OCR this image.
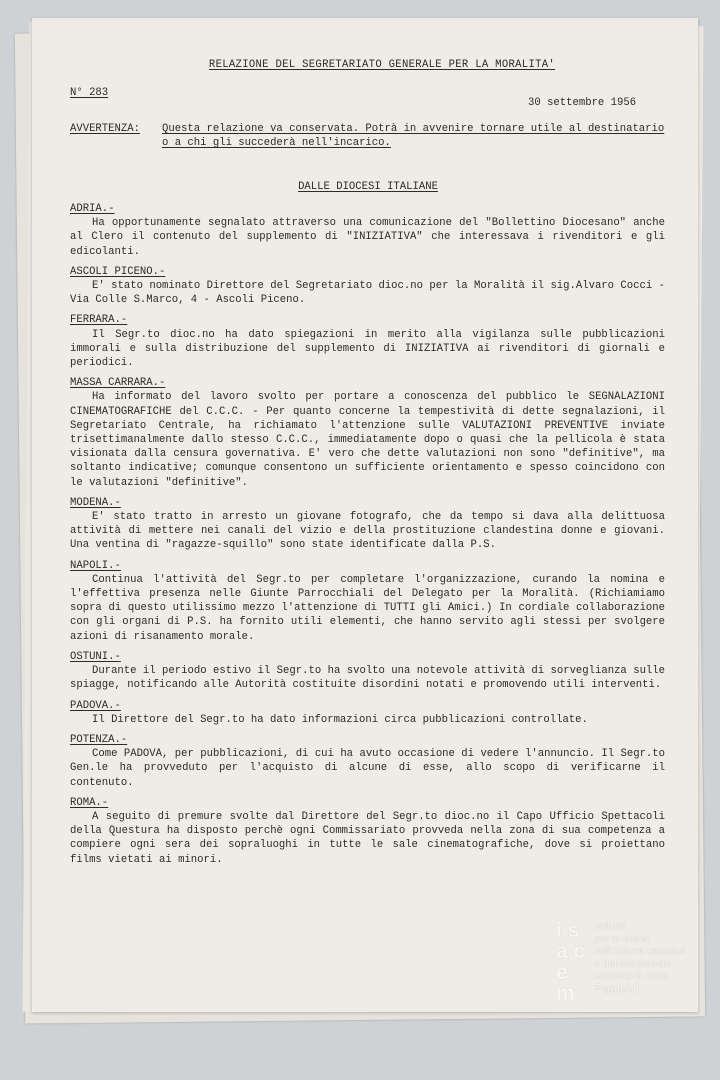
RELAZIONE DEL SEGRETARIATO GENERALE PER LA MORALITA'
N° 283
30 settembre 1956
AVVERTENZA: Questa relazione va conservata. Potrà in avvenire tornare utile al destinatario o a chi gli succederà nell'incarico.
DALLE DIOCESI ITALIANE
ADRIA.-
Ha opportunamente segnalato attraverso una comunicazione del "Bollettino Diocesano" anche al Clero il contenuto del supplemento di "INIZIATIVA" che interessava i rivenditori e gli edicolanti.
ASCOLI PICENO.-
E' stato nominato Direttore del Segretariato dioc.no per la Moralità il sig.Alvaro Cocci - Via Colle S.Marco, 4 - Ascoli Piceno.
FERRARA.-
Il Segr.to dioc.no ha dato spiegazioni in merito alla vigilanza sulle pubblicazioni immorali e sulla distribuzione del supplemento di INIZIATIVA ai rivenditori di giornali e periodici.
MASSA CARRARA.-
Ha informato del lavoro svolto per portare a conoscenza del pubblico le SEGNALAZIONI CINEMATOGRAFICHE del C.C.C. - Per quanto concerne la tempestività di dette segnalazioni, il Segretariato Centrale, ha richiamato l'attenzione sulle VALUTAZIONI PREVENTIVE inviate trisettimanalmente dallo stesso C.C.C., immediatamente dopo o quasi che la pellicola è stata visionata dalla censura governativa. E' vero che dette valutazioni non sono "definitive", ma soltanto indicative; comunque consentono un sufficiente orientamento e spesso coincidono con le valutazioni "definitive".
MODENA.-
E' stato tratto in arresto un giovane fotografo, che da tempo si dava alla delittuosa attività di mettere nei canali del vizio e della prostituzione clandestina donne e giovani. Una ventina di "ragazze-squillo" sono state identificate dalla P.S.
NAPOLI.-
Continua l'attività del Segr.to per completare l'organizzazione, curando la nomina e l'effettiva presenza nelle Giunte Parrocchiali del Delegato per la Moralità. (Richiamiamo sopra di questo utilissimo mezzo l'attenzione di TUTTI gli Amici.) In cordiale collaborazione con gli organi di P.S. ha fornito utili elementi, che hanno servito agli stessi per svolgere azioni di risanamento morale.
OSTUNI.-
Durante il periodo estivo il Segr.to ha svolto una notevole attività di sorveglianza sulle spiagge, notificando alle Autorità costituite disordini notati e promovendo utili interventi.
PADOVA.-
Il Direttore del Segr.to ha dato informazioni circa pubblicazioni controllate.
POTENZA.-
Come PADOVA, per pubblicazioni, di cui ha avuto occasione di vedere l'annuncio. Il Segr.to Gen.le ha provveduto per l'acquisto di alcune di esse, allo scopo di verificarne il contenuto.
ROMA.-
A seguito di premure svolte dal Direttore del Segr.to dioc.no il Capo Ufficio Spettacoli della Questura ha disposto perchè ogni Commissariato provveda nella zona di sua competenza a compiere ogni sera dei sopraluoghi in tutte le sale cinematografiche, dove si proiettano films vietati ai minori.
i s
a c
e m
Istituto
per la storia
dell'Azione cattolica
e del movimento
cattolico in Italia
PaoloVI
